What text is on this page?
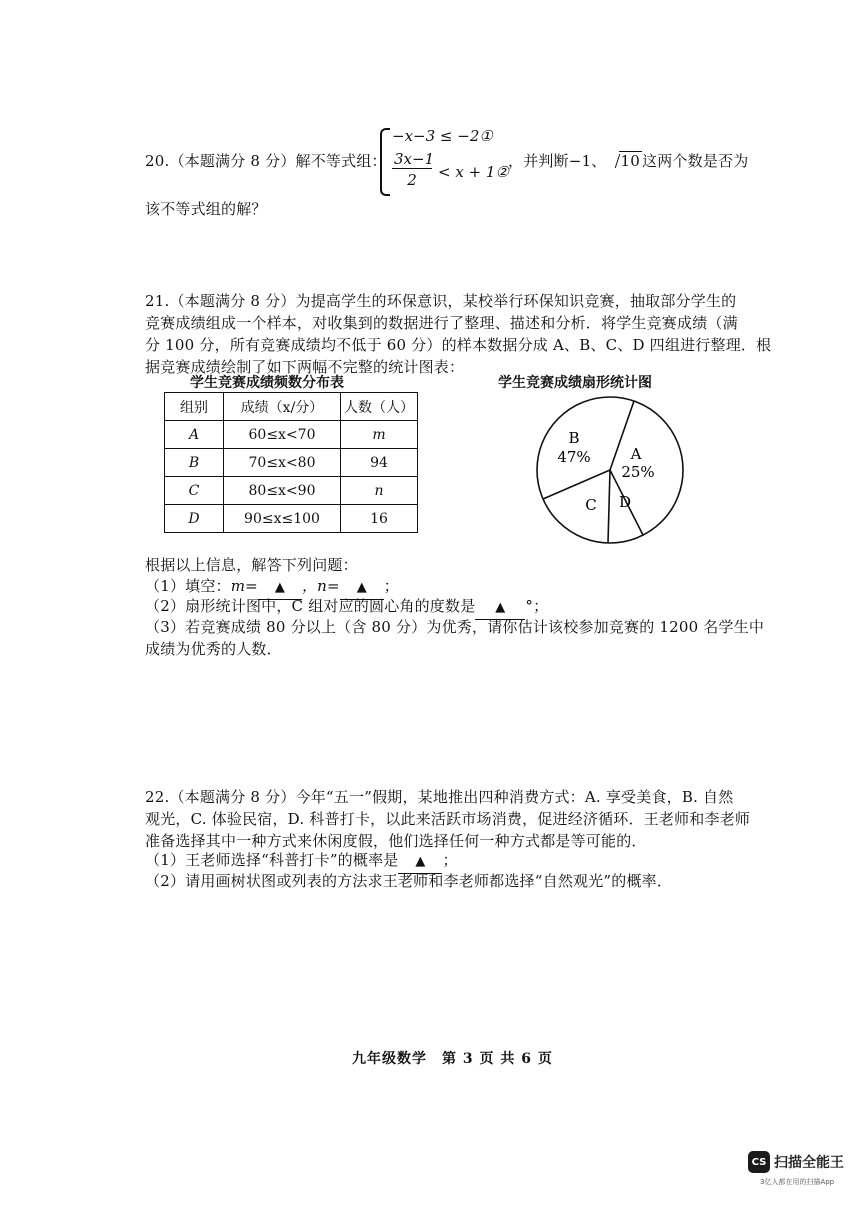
20.（本题满分 8 分）解不等式组：
−x−3 ≤ −2①
$\frac{3x-1}{2} < x$ + 1②
，并判断−1、 10 这两个数是否为
该不等式组的解？
21.（本题满分 8 分）为提高学生的环保意识，某校举行环保知识竞赛，抽取部分学生的
竞赛成绩组成一个样本，对收集到的数据进行了整理、描述和分析．将学生竞赛成绩（满
分 100 分，所有竞赛成绩均不低于 60 分）的样本数据分成 A、B、C、D 四组进行整理．根
据竞赛成绩绘制了如下两幅不完整的统计图表：
学生竞赛成绩频数分布表
组别	成绩（x/分）	人数（人）
A	60≤x<70	m
B	70≤x<80	94
C	80≤x<90	n
D	90≤x≤100	16
学生竞赛成绩扇形统计图
B
47%	A
25%
C D
根据以上信息，解答下列问题：
（1）填空：m= ▲ ，n= ▲ ；
（2）扇形统计图中，C 组对应的圆心角的度数是 ▲ °；
（3）若竞赛成绩 80 分以上（含 80 分）为优秀，请你估计该校参加竞赛的 1200 名学生中
成绩为优秀的人数．
22.（本题满分 8 分）今年“五一”假期，某地推出四种消费方式：A. 享受美食，B. 自然
观光，C. 体验民宿，D. 科普打卡，以此来活跃市场消费，促进经济循环．王老师和李老师
准备选择其中一种方式来休闲度假，他们选择任何一种方式都是等可能的．
（1）王老师选择“科普打卡”的概率是 ▲ ；
（2）请用画树状图或列表的方法求王老师和李老师都选择“自然观光”的概率．
九年级数学　第 3 页 共 6 页
CS 扫描全能王
3亿人都在用的扫描App
